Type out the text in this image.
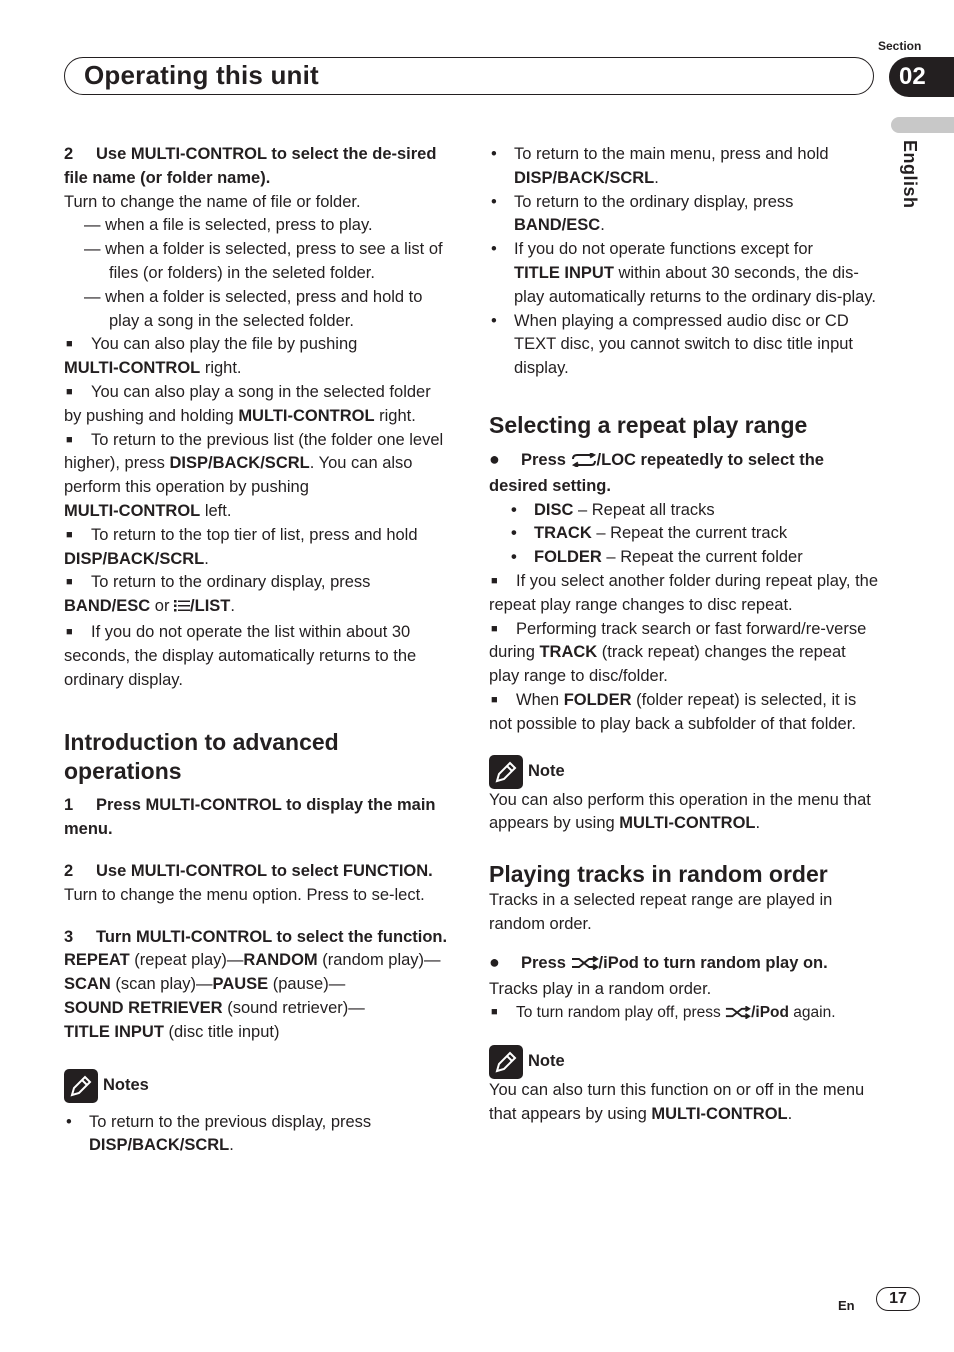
Section
Operating this unit	02
English

2 Use MULTI-CONTROL to select the de-sired file name (or folder name).

Turn to change the name of file or folder.

— when a file is selected, press to play.

— when a folder is selected, press to see a list of files (or folders) in the seleted folder.

— when a folder is selected, press and hold to play a song in the selected folder.

■ You can also play the file by pushing
MULTI-CONTROL right.

■ You can also play a song in the selected folder by pushing and holding MULTI-CONTROL right.

■ To return to the previous list (the folder one level higher), press DISP/BACK/SCRL. You can also perform this operation by pushing
MULTI-CONTROL left.

■ To return to the top tier of list, press and hold
DISP/BACK/SCRL.

■ To return to the ordinary display, press
BAND/ESC or /LIST.

■ If you do not operate the list within about 30 seconds, the display automatically returns to the ordinary display.

Introduction to advanced operations

1 Press MULTI-CONTROL to display the main menu.

2 Use MULTI-CONTROL to select FUNCTION.

Turn to change the menu option. Press to se-lect.

3 Turn MULTI-CONTROL to select the function.

REPEAT (repeat play)—RANDOM (random play)—SCAN (scan play)—PAUSE (pause)—
SOUND RETRIEVER (sound retriever)—
TITLE INPUT (disc title input)

Notes

• To return to the previous display, press
DISP/BACK/SCRL.

• To return to the main menu, press and hold
DISP/BACK/SCRL.

• To return to the ordinary display, press
BAND/ESC.

• If you do not operate functions except for
TITLE INPUT within about 30 seconds, the dis-play automatically returns to the ordinary dis-play.

• When playing a compressed audio disc or CD TEXT disc, you cannot switch to disc title input display.

Selecting a repeat play range

● Press /LOC repeatedly to select the desired setting.

• DISC – Repeat all tracks

• TRACK – Repeat the current track

• FOLDER – Repeat the current folder

■ If you select another folder during repeat play, the repeat play range changes to disc repeat.

■ Performing track search or fast forward/re-verse during TRACK (track repeat) changes the repeat play range to disc/folder.

■ When FOLDER (folder repeat) is selected, it is not possible to play back a subfolder of that folder.

Note

You can also perform this operation in the menu that appears by using MULTI-CONTROL.

Playing tracks in random order

Tracks in a selected repeat range are played in random order.

● Press /iPod to turn random play on.

Tracks play in a random order.

■ To turn random play off, press /iPod again.

Note

You can also turn this function on or off in the menu that appears by using MULTI-CONTROL.

En	17
